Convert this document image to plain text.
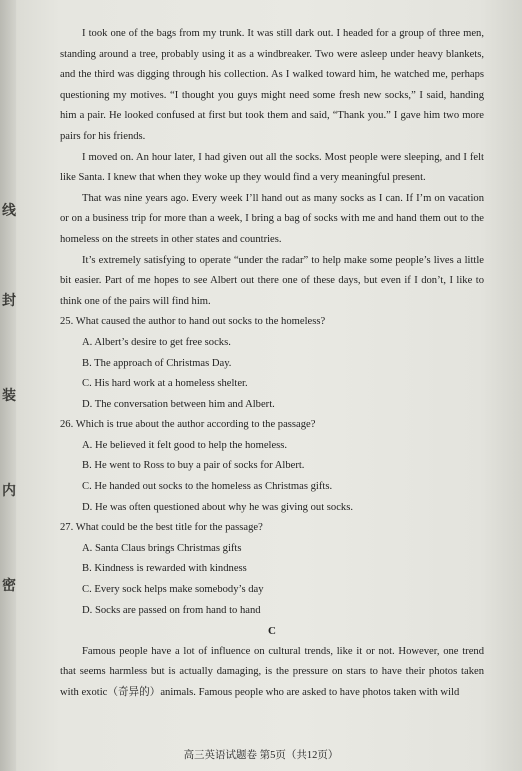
线
封
装
内
密

I took one of the bags from my trunk. It was still dark out. I headed for a group of three men, standing around a tree, probably using it as a windbreaker. Two were asleep under heavy blankets, and the third was digging through his collection. As I walked toward him, he watched me, perhaps questioning my motives. “I thought you guys might need some fresh new socks,” I said, handing him a pair. He looked confused at first but took them and said, “Thank you.” I gave him two more pairs for his friends.

I moved on. An hour later, I had given out all the socks. Most people were sleeping, and I felt like Santa. I knew that when they woke up they would find a very meaningful present.

That was nine years ago. Every week I’ll hand out as many socks as I can. If I’m on vacation or on a business trip for more than a week, I bring a bag of socks with me and hand them out to the homeless on the streets in other states and countries.

It’s extremely satisfying to operate “under the radar” to help make some people’s lives a little bit easier. Part of me hopes to see Albert out there one of these days, but even if I don’t, I like to think one of the pairs will find him.

25. What caused the author to hand out socks to the homeless?

A. Albert’s desire to get free socks.

B. The approach of Christmas Day.

C. His hard work at a homeless shelter.

D. The conversation between him and Albert.

26. Which is true about the author according to the passage?

A. He believed it felt good to help the homeless.

B. He went to Ross to buy a pair of socks for Albert.

C. He handed out socks to the homeless as Christmas gifts.

D. He was often questioned about why he was giving out socks.

27. What could be the best title for the passage?

A. Santa Claus brings Christmas gifts

B. Kindness is rewarded with kindness

C. Every sock helps make somebody’s day

D. Socks are passed on from hand to hand

C

Famous people have a lot of influence on cultural trends, like it or not. However, one trend that seems harmless but is actually damaging, is the pressure on stars to have their photos taken with exotic（奇异的）animals. Famous people who are asked to have photos taken with wild

高三英语试题卷 第5页（共12页）
